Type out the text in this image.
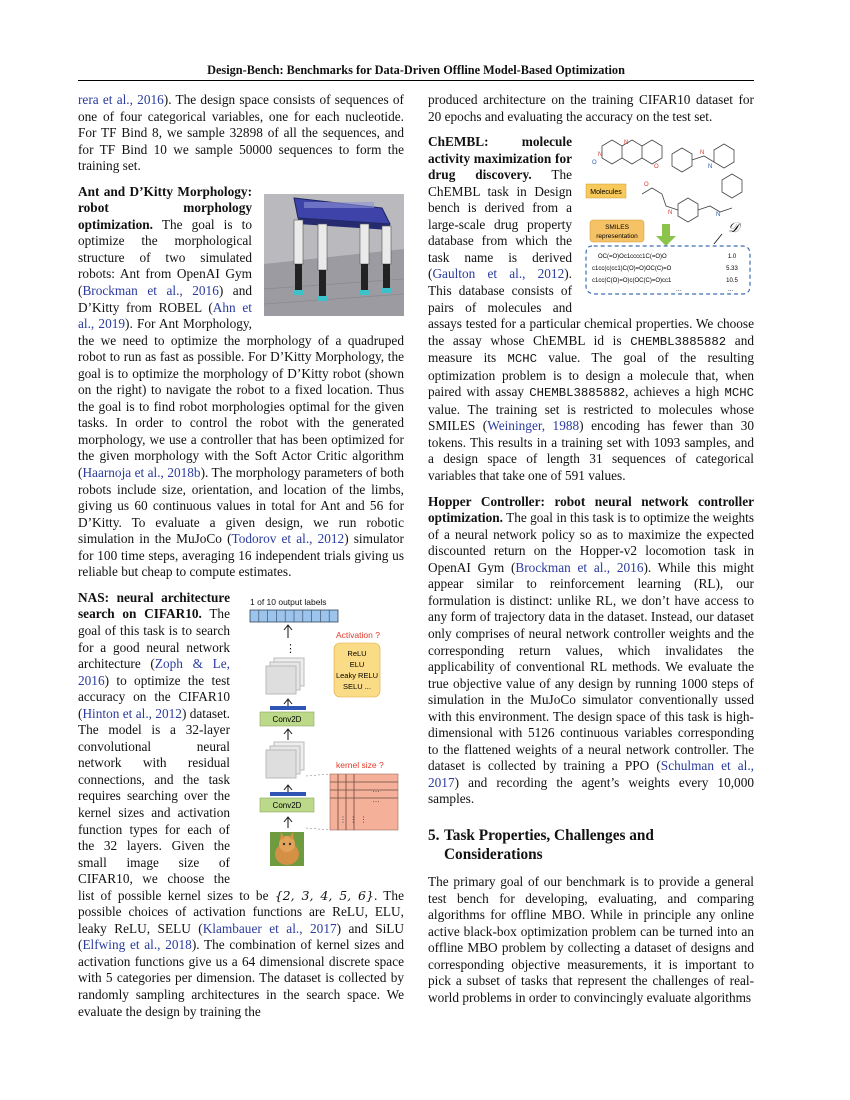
Design-Bench: Benchmarks for Data-Driven Offline Model-Based Optimization

rera et al., 2016). The design space consists of sequences of one of four categorical variables, one for each nucleotide. For TF Bind 8, we sample 32898 of all the sequences, and for TF Bind 10 we sample 50000 sequences to form the training set.

Ant and D’Kitty Morphology: robot morphology optimization. The goal is to optimize the morphological structure of two simulated robots: Ant from OpenAI Gym (Brockman et al., 2016) and D’Kitty from ROBEL (Ahn et al., 2019). For Ant Morphology, the we need to optimize the morphology of a quadruped robot to run as fast as possible. For D’Kitty Morphology, the goal is to optimize the morphology of D’Kitty robot (shown on the right) to navigate the robot to a fixed location. Thus the goal is to find robot morphologies optimal for the given tasks. In order to control the robot with the generated morphology, we use a controller that has been optimized for the given morphology with the Soft Actor Critic algorithm (Haarnoja et al., 2018b). The morphology parameters of both robots include size, orientation, and location of the limbs, giving us 60 continuous values in total for Ant and 56 for D’Kitty. To evaluate a given design, we run robotic simulation in the MuJoCo (Todorov et al., 2012) simulator for 100 time steps, averaging 16 independent trials giving us reliable but cheap to compute estimates.

1 of 10 output labels
⋮
Activation ?
ReLU
ELU
Leaky RELU
SELU ...
Conv2D
Conv2D
kernel size ?
…
…
⋮ ⋮ ⋮
NAS: neural architecture search on CIFAR10. The goal of this task is to search for a good neural network architecture (Zoph & Le, 2016) to optimize the test accuracy on the CIFAR10 (Hinton et al., 2012) dataset. The model is a 32-layer convolutional neural network with residual connections, and the task requires searching over the kernel sizes and activation function types for each of the 32 layers. Given the small image size of CIFAR10, we choose the list of possible kernel sizes to be {2, 3, 4, 5, 6}. The possible choices of activation functions are ReLU, ELU, leaky ReLU, SELU (Klambauer et al., 2017) and SiLU (Elfwing et al., 2018). The combination of kernel sizes and activation functions give us a 64 dimensional discrete space with 5 categories per dimension. The dataset is collected by randomly sampling architectures in the search space. We evaluate the design by training the

produced architecture on the training CIFAR10 dataset for 20 epochs and evaluating the accuracy on the test set.

N
N
O
N
O
N
N
N
O
Molecules
SMILES
representation
𝒟
OC(=O)Oc1cccc1C(=O)O	1.0
c1cc(c(cc1)C(O)=O)OC(C)=O	5.33
c1cc(C(O)=O)c(OC(C)=O)cc1	10.5
...	...
ChEMBL: molecule activity maximization for drug discovery. The ChEMBL task in Design bench is derived from a large-scale drug property database from which the task name is derived (Gaulton et al., 2012). This database consists of pairs of molecules and assays tested for a particular chemical properties. We choose the assay whose ChEMBL id is CHEMBL3885882 and measure its MCHC value. The goal of the resulting optimization problem is to design a molecule that, when paired with assay CHEMBL3885882, achieves a high MCHC value. The training set is restricted to molecules whose SMILES (Weininger, 1988) encoding has fewer than 30 tokens. This results in a training set with 1093 samples, and a design space of length 31 sequences of categorical variables that take one of 591 values.

Hopper Controller: robot neural network controller optimization. The goal in this task is to optimize the weights of a neural network policy so as to maximize the expected discounted return on the Hopper-v2 locomotion task in OpenAI Gym (Brockman et al., 2016). While this might appear similar to reinforcement learning (RL), our formulation is distinct: unlike RL, we don’t have access to any form of trajectory data in the dataset. Instead, our dataset only comprises of neural network controller weights and the corresponding return values, which invalidates the applicability of conventional RL methods. We evaluate the true objective value of any design by running 1000 steps of simulation in the MuJoCo simulator conventionally ussed with this environment. The design space of this task is high-dimensional with 5126 continuous variables corresponding to the flattened weights of a neural network controller. The dataset is collected by training a PPO (Schulman et al., 2017) and recording the agent’s weights every 10,000 samples.

5. Task Properties, Challenges and Considerations

The primary goal of our benchmark is to provide a general test bench for developing, evaluating, and comparing algorithms for offline MBO. While in principle any online active black-box optimization problem can be turned into an offline MBO problem by collecting a dataset of designs and corresponding objective measurements, it is important to pick a subset of tasks that represent the challenges of real-world problems in order to convincingly evaluate algorithms
